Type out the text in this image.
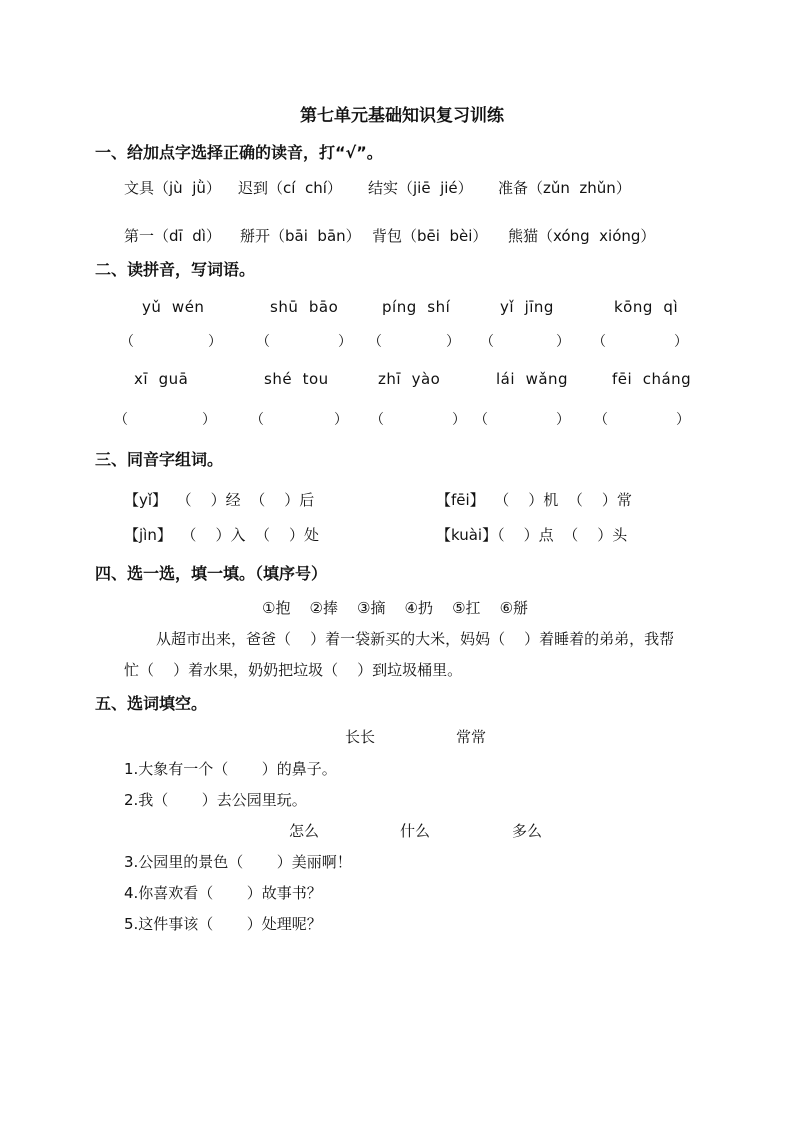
第七单元基础知识复习训练
一、给加点字选择正确的读音，打“√”。
文具（jù  jǜ） 迟到（cí  chí） 结实（jiē  jié） 准备（zǔn  zhǔn）
第一（dī  dì） 掰开（bāi  bān） 背包（bēi  bèi） 熊猫（xóng  xióng）
二、读拼音，写词语。
yǔ  wén	shū  bāo	píng  shí	yǐ  jīng	kōng  qì
（	） （	） （	） （	） （	）
xī  guā	shé  tou	zhī  yào	lái  wǎng	fēi  cháng
（	） （	） （	） （	） （	）
三、同音字组词。
【yǐ】  （    ）经  （    ）后	【fēi】  （    ）机  （    ）常
【jìn】  （    ）入  （    ）处	【kuài】（    ）点  （    ）头
四、选一选，填一填。（填序号）
①抱    ②捧    ③摘    ④扔    ⑤扛    ⑥掰
从超市出来，爸爸（    ）着一袋新买的大米，妈妈（    ）着睡着的弟弟，我帮
忙（    ）着水果，奶奶把垃圾（    ）到垃圾桶里。
五、选词填空。
长长	常常
1.大象有一个（       ）的鼻子。
2.我（       ）去公园里玩。
怎么	什么	多么
3.公园里的景色（       ）美丽啊！
4.你喜欢看（       ）故事书？
5.这件事该（       ）处理呢？
